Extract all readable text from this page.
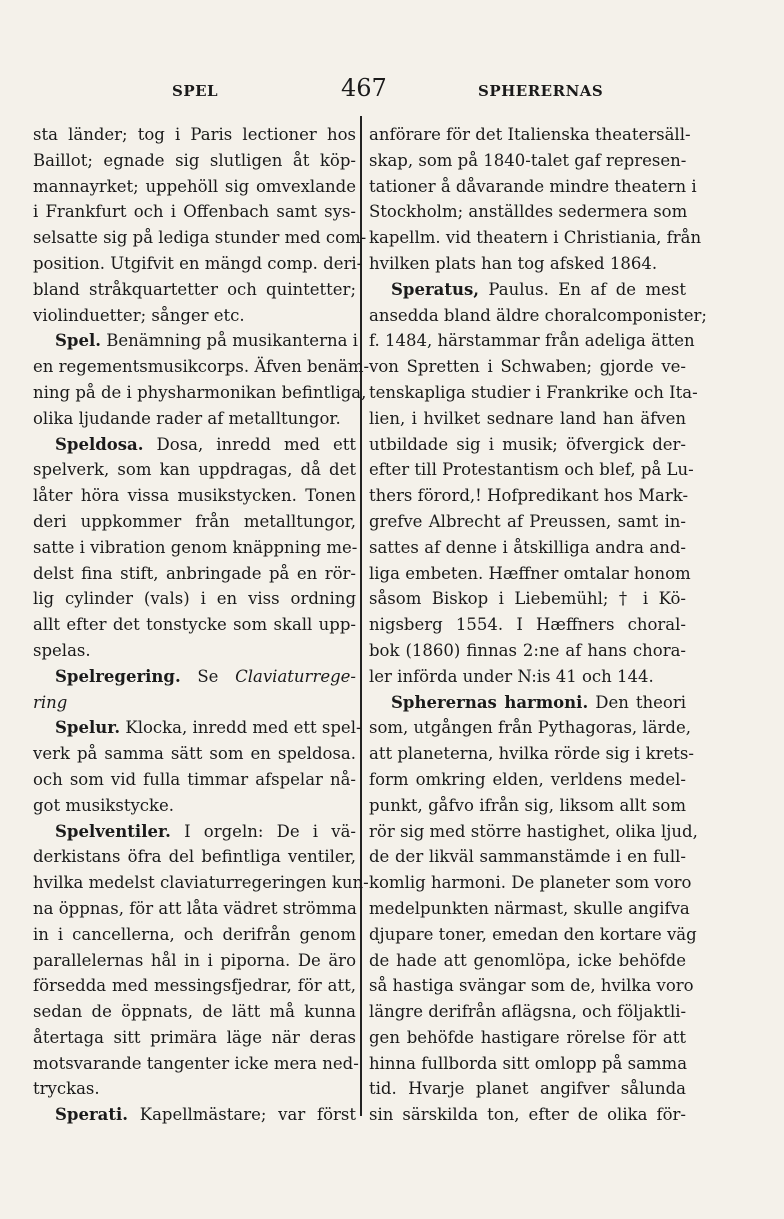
SPEL	467	SPHERERNAS
sta länder; tog i Paris lectioner hos
Baillot; egnade sig slutligen åt köp-
mannayrket; uppehöll sig omvexlande
i Frankfurt och i Offenbach samt sys-
selsatte sig på lediga stunder med com-
position. Utgifvit en mängd comp. deri-
bland stråkquartetter och quintetter;
violinduetter; sånger etc.
Spel. Benämning på musikanterna i
en regementsmusikcorps. Äfven benäm-
ning på de i physharmonikan befintliga,
olika ljudande rader af metalltungor.
Speldosa. Dosa, inredd med ett
spelverk, som kan uppdragas, då det
låter höra vissa musikstycken. Tonen
deri uppkommer från metalltungor,
satte i vibration genom knäppning me-
delst fina stift, anbringade på en rör-
lig cylinder (vals) i en viss ordning
allt efter det tonstycke som skall upp-
spelas.
Spelregering. Se Claviaturrege-
ring
Spelur. Klocka, inredd med ett spel-
verk på samma sätt som en speldosa.
och som vid fulla timmar afspelar nå-
got musikstycke.
Spelventiler. I orgeln: De i vä-
derkistans öfra del befintliga ventiler,
hvilka medelst claviaturregeringen kun-
na öppnas, för att låta vädret strömma
in i cancellerna, och derifrån genom
parallelernas hål in i piporna. De äro
försedda med messingsfjedrar, för att,
sedan de öppnats, de lätt må kunna
återtaga sitt primära läge när deras
motsvarande tangenter icke mera ned-
tryckas.
Sperati. Kapellmästare; var först
anförare för det Italienska theatersäll-
skap, som på 1840-talet gaf represen-
tationer å dåvarande mindre theatern i
Stockholm; anställdes sedermera som
kapellm. vid theatern i Christiania, från
hvilken plats han tog afsked 1864.
Speratus, Paulus. En af de mest
ansedda bland äldre choralcomponister;
f. 1484, härstammar från adeliga ätten
von Spretten i Schwaben; gjorde ve-
tenskapliga studier i Frankrike och Ita-
lien, i hvilket sednare land han äfven
utbildade sig i musik; öfvergick der-
efter till Protestantism och blef, på Lu-
thers förord,! Hofpredikant hos Mark-
grefve Albrecht af Preussen, samt in-
sattes af denne i åtskilliga andra and-
liga embeten. Hæffner omtalar honom
såsom Biskop i Liebemühl; † i Kö-
nigsberg 1554. I Hæffners choral-
bok (1860) finnas 2:ne af hans chora-
ler införda under N:is 41 och 144.
Spherernas harmoni. Den theori
som, utgången från Pythagoras, lärde,
att planeterna, hvilka rörde sig i krets-
form omkring elden, verldens medel-
punkt, gåfvo ifrån sig, liksom allt som
rör sig med större hastighet, olika ljud,
de der likväl sammanstämde i en full-
komlig harmoni. De planeter som voro
medelpunkten närmast, skulle angifva
djupare toner, emedan den kortare väg
de hade att genomlöpa, icke behöfde
så hastiga svängar som de, hvilka voro
längre derifrån aflägsna, och följaktli-
gen behöfde hastigare rörelse för att
hinna fullborda sitt omlopp på samma
tid. Hvarje planet angifver sålunda
sin särskilda ton, efter de olika för-
